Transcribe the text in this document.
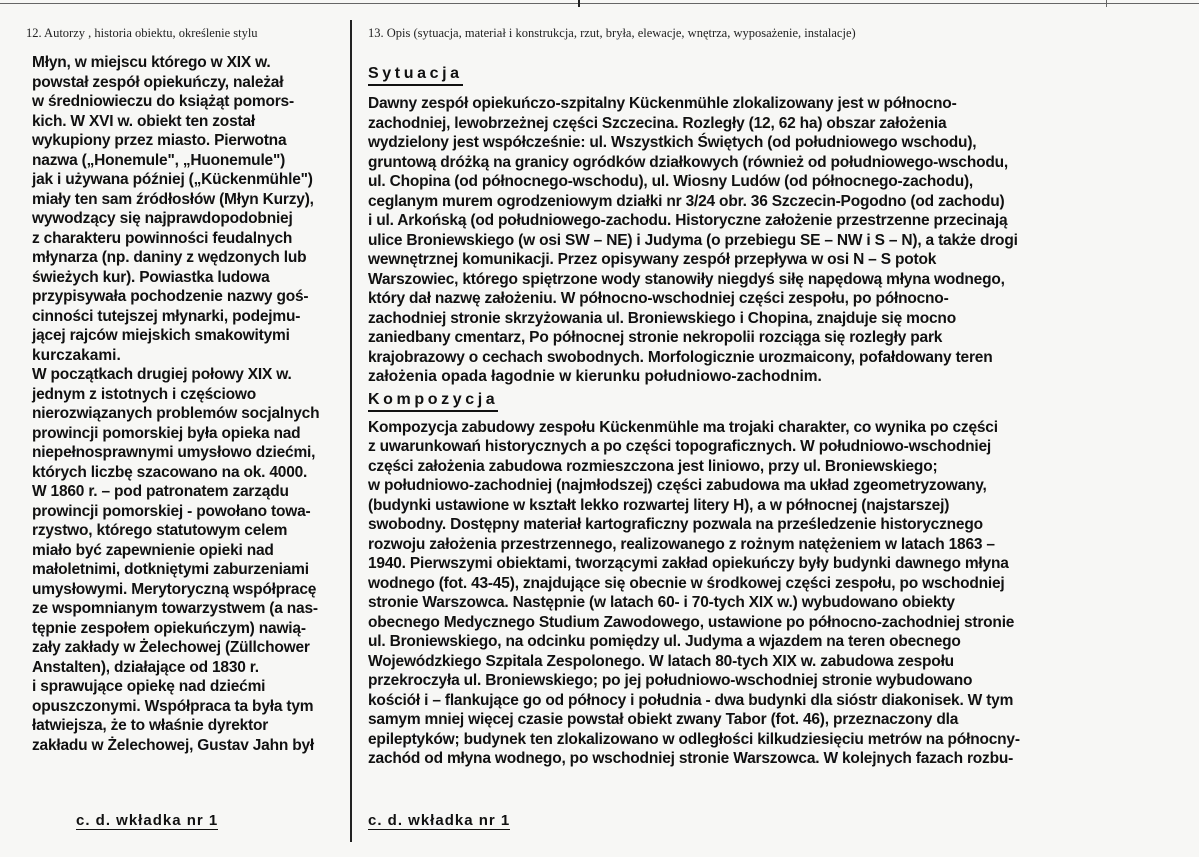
12. Autorzy , historia obiektu, określenie stylu
Młyn, w miejscu którego w XIX w.
powstał zespół opiekuńczy, należał
w średniowieczu do książąt pomors-
kich. W XVI w. obiekt ten został
wykupiony przez miasto. Pierwotna
nazwa („Honemule", „Huonemule")
jak i używana później („Kückenmühle")
miały ten sam źródłosłów (Młyn Kurzy),
wywodzący się najprawdopodobniej
z charakteru powinności feudalnych
młynarza (np. daniny z wędzonych lub
świeżych kur). Powiastka ludowa
przypisywała pochodzenie nazwy goś-
cinności tutejszej młynarki, podejmu-
jącej rajców miejskich smakowitymi
kurczakami.
W początkach drugiej połowy XIX w.
jednym z istotnych i częściowo
nierozwiązanych problemów socjalnych
prowincji pomorskiej była opieka nad
niepełnosprawnymi umysłowo dziećmi,
których liczbę szacowano na ok. 4000.
W 1860 r. – pod patronatem zarządu
prowincji pomorskiej - powołano towa-
rzystwo, którego statutowym celem
miało być zapewnienie opieki nad
małoletnimi, dotkniętymi zaburzeniami
umysłowymi. Merytoryczną współpracę
ze wspomnianym towarzystwem (a nas-
tępnie zespołem opiekuńczym) nawią-
zały zakłady w Żelechowej (Züllchower
Anstalten), działające od 1830 r.
i sprawujące opiekę nad dziećmi
opuszczonymi. Współpraca ta była tym
łatwiejsza, że to właśnie dyrektor
zakładu w Żelechowej, Gustav Jahn był
13. Opis (sytuacja, materiał i konstrukcja, rzut, bryła, elewacje, wnętrza, wyposażenie, instalacje)
Sytuacja
Dawny zespół opiekuńczo-szpitalny Kückenmühle zlokalizowany jest w północno-
zachodniej, lewobrzeżnej części Szczecina. Rozległy (12, 62 ha) obszar założenia
wydzielony jest współcześnie: ul. Wszystkich Świętych (od południowego wschodu),
gruntową dróżką na granicy ogródków działkowych (również od południowego-wschodu,
ul. Chopina (od północnego-wschodu), ul. Wiosny Ludów (od północnego-zachodu),
ceglanym murem ogrodzeniowym działki nr 3/24 obr. 36 Szczecin-Pogodno (od zachodu)
i ul. Arkońską (od południowego-zachodu. Historyczne założenie przestrzenne przecinają
ulice Broniewskiego (w osi SW – NE) i Judyma (o przebiegu SE – NW i S – N), a także drogi
wewnętrznej komunikacji. Przez opisywany zespół przepływa w osi N – S potok
Warszowiec, którego spiętrzone wody stanowiły niegdyś siłę napędową młyna wodnego,
który dał nazwę założeniu. W północno-wschodniej części zespołu, po północno-
zachodniej stronie skrzyżowania ul. Broniewskiego i Chopina, znajduje się mocno
zaniedbany cmentarz, Po północnej stronie nekropolii rozciąga się rozległy park
krajobrazowy o cechach swobodnych. Morfologicznie urozmaicony, pofałdowany teren
założenia opada łagodnie w kierunku południowo-zachodnim.
Kompozycja
Kompozycja zabudowy zespołu Kückenmühle ma trojaki charakter, co wynika po części
z uwarunkowań historycznych a po części topograficznych. W południowo-wschodniej
części założenia zabudowa rozmieszczona jest liniowo, przy ul. Broniewskiego;
w południowo-zachodniej (najmłodszej) części zabudowa ma układ zgeometryzowany,
(budynki ustawione w kształt lekko rozwartej litery H), a w północnej (najstarszej)
swobodny. Dostępny materiał kartograficzny pozwala na prześledzenie historycznego
rozwoju założenia przestrzennego, realizowanego z rożnym natężeniem w latach 1863 –
1940. Pierwszymi obiektami, tworzącymi zakład opiekuńczy były budynki dawnego młyna
wodnego (fot. 43-45), znajdujące się obecnie w środkowej części zespołu, po wschodniej
stronie Warszowca. Następnie (w latach 60- i 70-tych XIX w.) wybudowano obiekty
obecnego Medycznego Studium Zawodowego, ustawione po północno-zachodniej stronie
ul. Broniewskiego, na odcinku pomiędzy ul. Judyma a wjazdem na teren obecnego
Wojewódzkiego Szpitala Zespolonego. W latach 80-tych XIX w. zabudowa zespołu
przekroczyła ul. Broniewskiego; po jej południowo-wschodniej stronie wybudowano
kościół i – flankujące go od północy i południa - dwa budynki dla sióstr diakonisek. W tym
samym mniej więcej czasie powstał obiekt zwany Tabor (fot. 46), przeznaczony dla
epileptyków; budynek ten zlokalizowano w odległości kilkudziesięciu metrów na północny-
zachód od młyna wodnego, po wschodniej stronie Warszowca. W kolejnych fazach rozbu-
c. d. wkładka nr 1	c. d. wkładka nr 1
